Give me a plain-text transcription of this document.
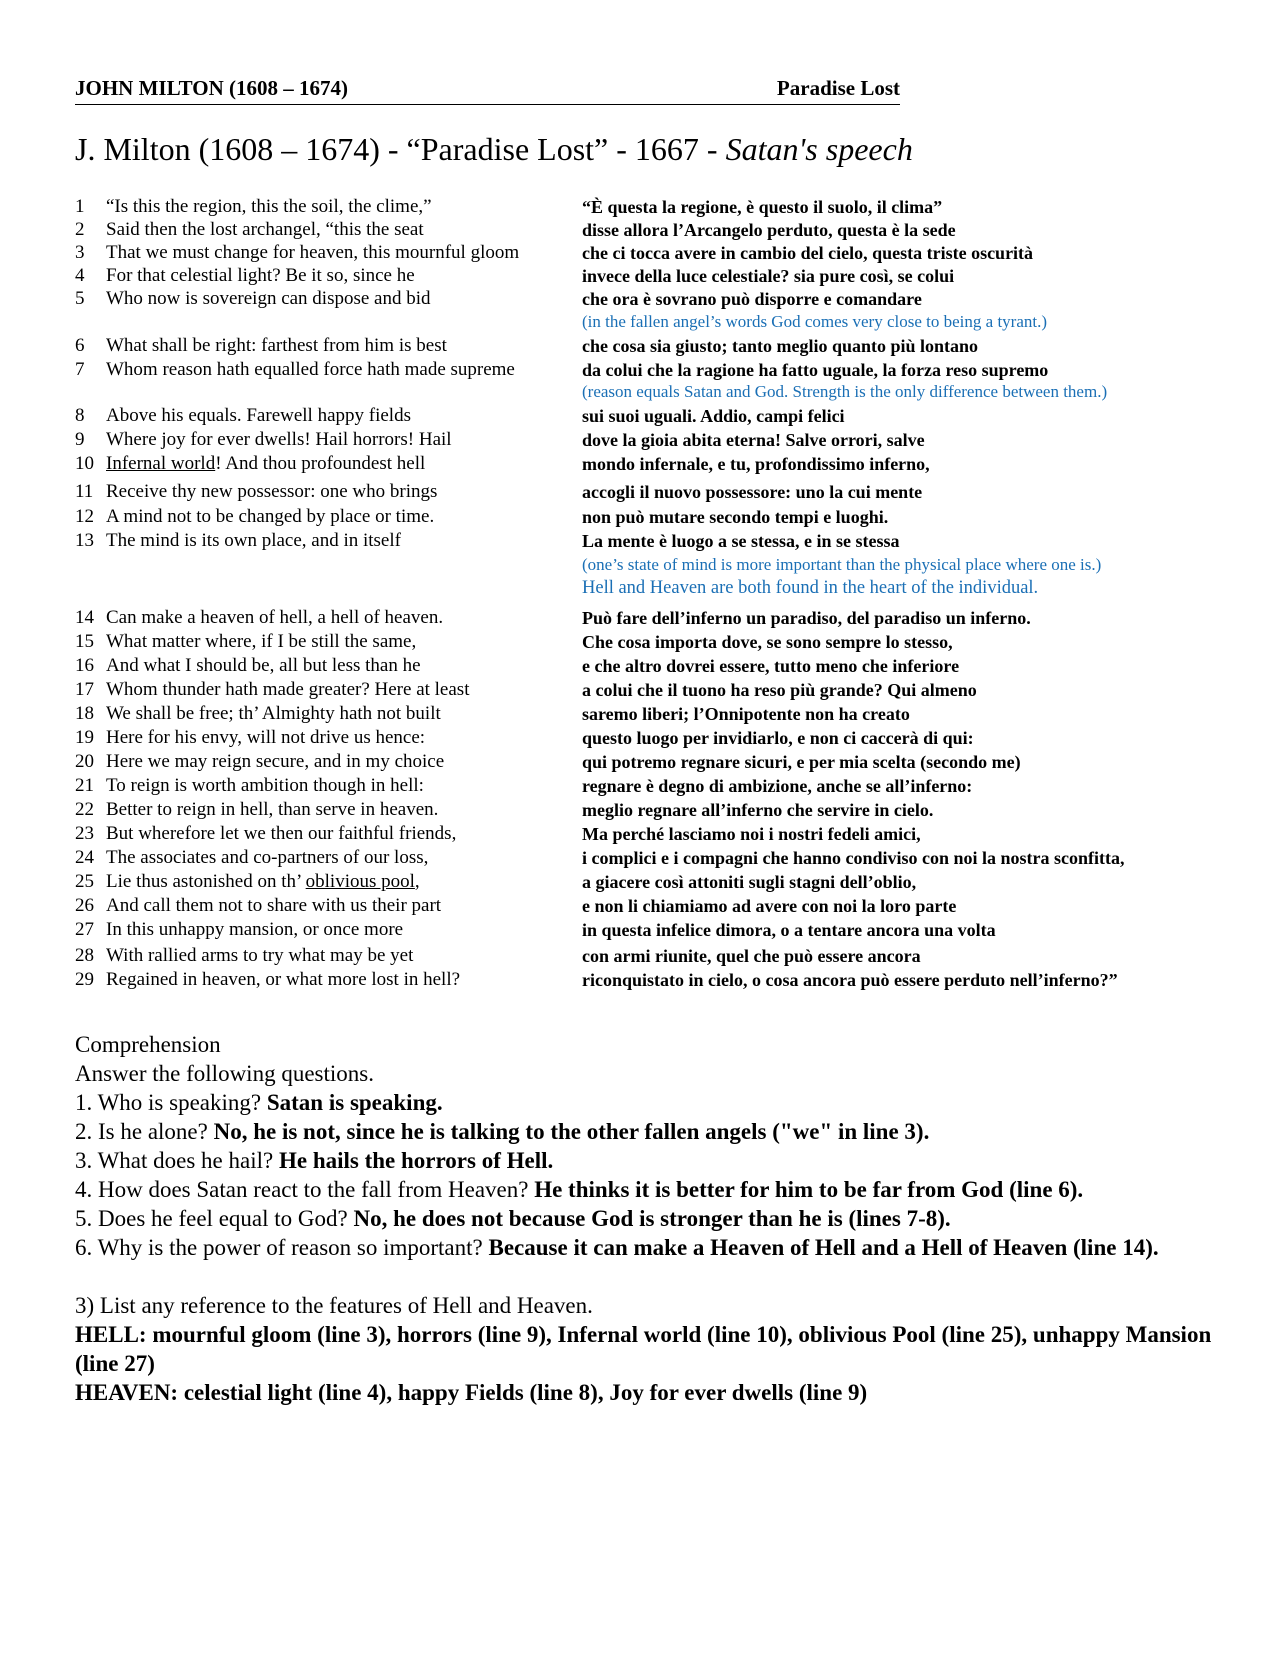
JOHN MILTON (1608 – 1674)	Paradise Lost
J. Milton (1608 – 1674) - “Paradise Lost” - 1667 - Satan's speech
1	“Is this the region, this the soil, the clime,”	“È questa la regione, è questo il suolo, il clima”
2	Said then the lost archangel, “this the seat	disse allora l’Arcangelo perduto, questa è la sede
3	That we must change for heaven, this mournful gloom	che ci tocca avere in cambio del cielo, questa triste oscurità
4	For that celestial light? Be it so, since he	invece della luce celestiale? sia pure così, se colui
5	Who now is sovereign can dispose and bid	che ora è sovrano può disporre e comandare
(in the fallen angel’s words God comes very close to being a tyrant.)
6	What shall be right: farthest from him is best	che cosa sia giusto; tanto meglio quanto più lontano
7	Whom reason hath equalled force hath made supreme	da colui che la ragione ha fatto uguale, la forza reso supremo
(reason equals Satan and God. Strength is the only difference between them.)
8	Above his equals. Farewell happy fields	sui suoi uguali. Addio, campi felici
9	Where joy for ever dwells! Hail horrors! Hail	dove la gioia abita eterna! Salve orrori, salve
10 Infernal world! And thou profoundest hell	mondo infernale, e tu, profondissimo inferno,
11 Receive thy new possessor: one who brings	accogli il nuovo possessore: uno la cui mente
12 A mind not to be changed by place or time.	non può mutare secondo tempi e luoghi.
13 The mind is its own place, and in itself	La mente è luogo a se stessa, e in se stessa
(one’s state of mind is more important than the physical place where one is.)
Hell and Heaven are both found in the heart of the individual.
14 Can make a heaven of hell, a hell of heaven.	Può fare dell’inferno un paradiso, del paradiso un inferno.
15 What matter where, if I be still the same,	Che cosa importa dove, se sono sempre lo stesso,
16 And what I should be, all but less than he	e che altro dovrei essere, tutto meno che inferiore
17 Whom thunder hath made greater? Here at least	a colui che il tuono ha reso più grande? Qui almeno
18 We shall be free; th’ Almighty hath not built	saremo liberi; l’Onnipotente non ha creato
19 Here for his envy, will not drive us hence:	questo luogo per invidiarlo, e non ci caccerà di qui:
20 Here we may reign secure, and in my choice	qui potremo regnare sicuri, e per mia scelta (secondo me)
21 To reign is worth ambition though in hell:	regnare è degno di ambizione, anche se all’inferno:
22 Better to reign in hell, than serve in heaven.	meglio regnare all’inferno che servire in cielo.
23 But wherefore let we then our faithful friends,	Ma perché lasciamo noi i nostri fedeli amici,
24 The associates and co-partners of our loss,	i complici e i compagni che hanno condiviso con noi la nostra sconfitta,
25 Lie thus astonished on th’ oblivious pool,	a giacere così attoniti sugli stagni dell’oblio,
26 And call them not to share with us their part	e non li chiamiamo ad avere con noi la loro parte
27 In this unhappy mansion, or once more	in questa infelice dimora, o a tentare ancora una volta
28 With rallied arms to try what may be yet	con armi riunite, quel che può essere ancora
29 Regained in heaven, or what more lost in hell?	riconquistato in cielo, o cosa ancora può essere perduto nell’inferno?”

Comprehension

Answer the following questions.

1. Who is speaking? Satan is speaking.

2. Is he alone? No, he is not, since he is talking to the other fallen angels ("we" in line 3).

3. What does he hail? He hails the horrors of Hell.

4. How does Satan react to the fall from Heaven? He thinks it is better for him to be far from God (line 6).

5. Does he feel equal to God? No, he does not because God is stronger than he is (lines 7-8).

6. Why is the power of reason so important? Because it can make a Heaven of Hell and a Hell of Heaven (line 14).

3) List any reference to the features of Hell and Heaven.

HELL: mournful gloom (line 3), horrors (line 9), Infernal world (line 10), oblivious Pool (line 25), unhappy Mansion (line 27)

HEAVEN: celestial light (line 4), happy Fields (line 8), Joy for ever dwells (line 9)
